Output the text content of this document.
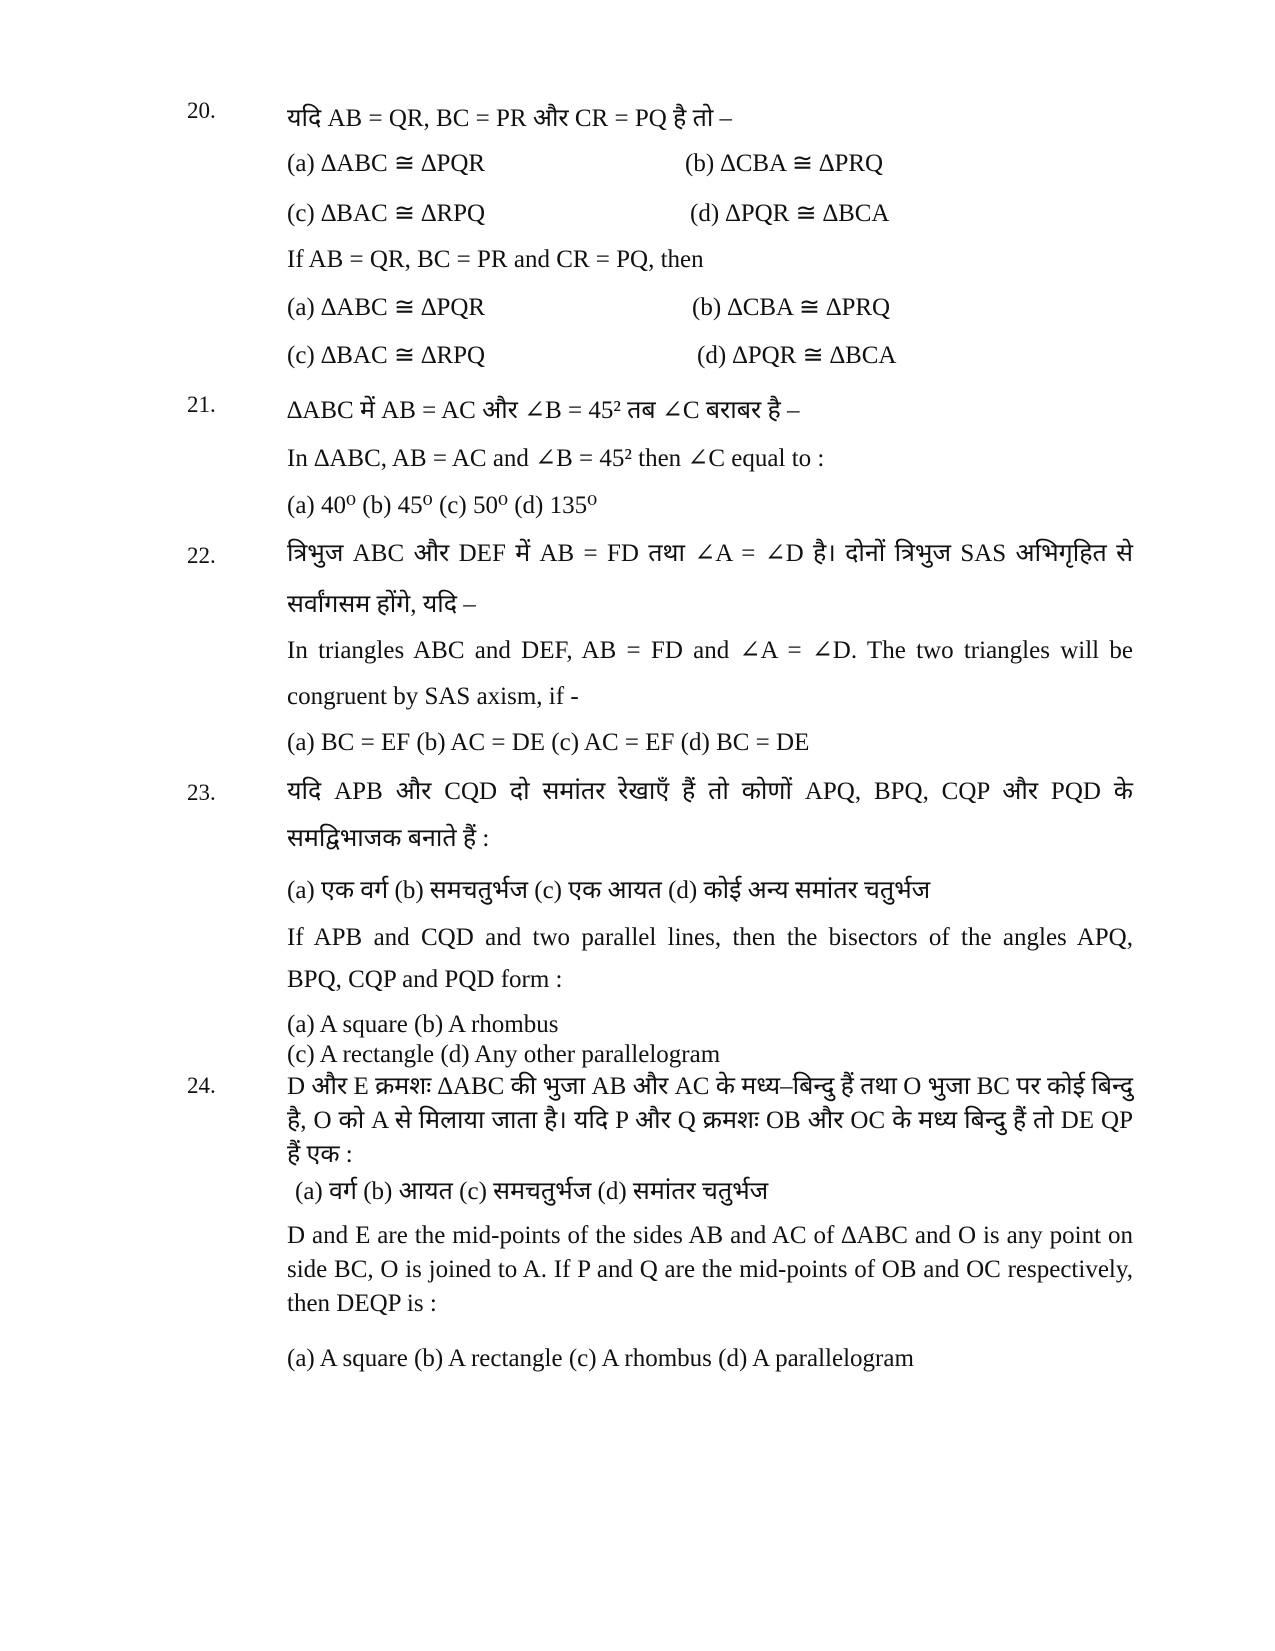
20.	यदि AB = QR, BC = PR और CR = PQ है तो –
(a) ∆ABC ≅ ∆PQR	(b) ∆CBA ≅ ∆PRQ
(c) ∆BAC ≅ ∆RPQ	(d) ∆PQR ≅ ∆BCA
If AB = QR, BC = PR and CR = PQ, then
(a) ∆ABC ≅ ∆PQR	(b) ∆CBA ≅ ∆PRQ
(c) ∆BAC ≅ ∆RPQ	(d) ∆PQR ≅ ∆BCA
21.	∆ABC में AB = AC और ∠B = 45² तब ∠C बराबर है –
In ∆ABC, AB = AC and ∠B = 45² then ∠C equal to :
(a) 40⁰ (b) 45⁰ (c) 50⁰ (d) 135⁰
22.	त्रिभुज ABC और DEF में AB = FD तथा ∠A = ∠D है। दोनों त्रिभुज SAS अभिगृहित से
सर्वांगसम होंगे, यदि –
In triangles ABC and DEF, AB = FD and ∠A = ∠D. The two triangles will be
congruent by SAS axism, if -
(a) BC = EF (b) AC = DE (c) AC = EF (d) BC = DE
23.	यदि APB और CQD दो समांतर रेखाएँ हैं तो कोणों APQ, BPQ, CQP और PQD के
समद्विभाजक बनाते हैं :
(a) एक वर्ग (b) समचतुर्भज (c) एक आयत (d) कोई अन्य समांतर चतुर्भज
If APB and CQD and two parallel lines, then the bisectors of the angles APQ,
BPQ, CQP and PQD form :
(a) A square (b) A rhombus
(c) A rectangle (d) Any other parallelogram
24.	D और E क्रमशः ∆ABC की भुजा AB और AC के मध्य–बिन्दु हैं तथा O भुजा BC पर कोई बिन्दु है, O को A से मिलाया जाता है। यदि P और Q क्रमशः OB और OC के मध्य बिन्दु हैं तो DE QP हैं एक :
(a) वर्ग (b) आयत (c) समचतुर्भज (d) समांतर चतुर्भज
D and E are the mid-points of the sides AB and AC of ∆ABC and O is any point on side BC, O is joined to A. If P and Q are the mid-points of OB and OC respectively, then DEQP is :
(a) A square (b) A rectangle (c) A rhombus (d) A parallelogram
